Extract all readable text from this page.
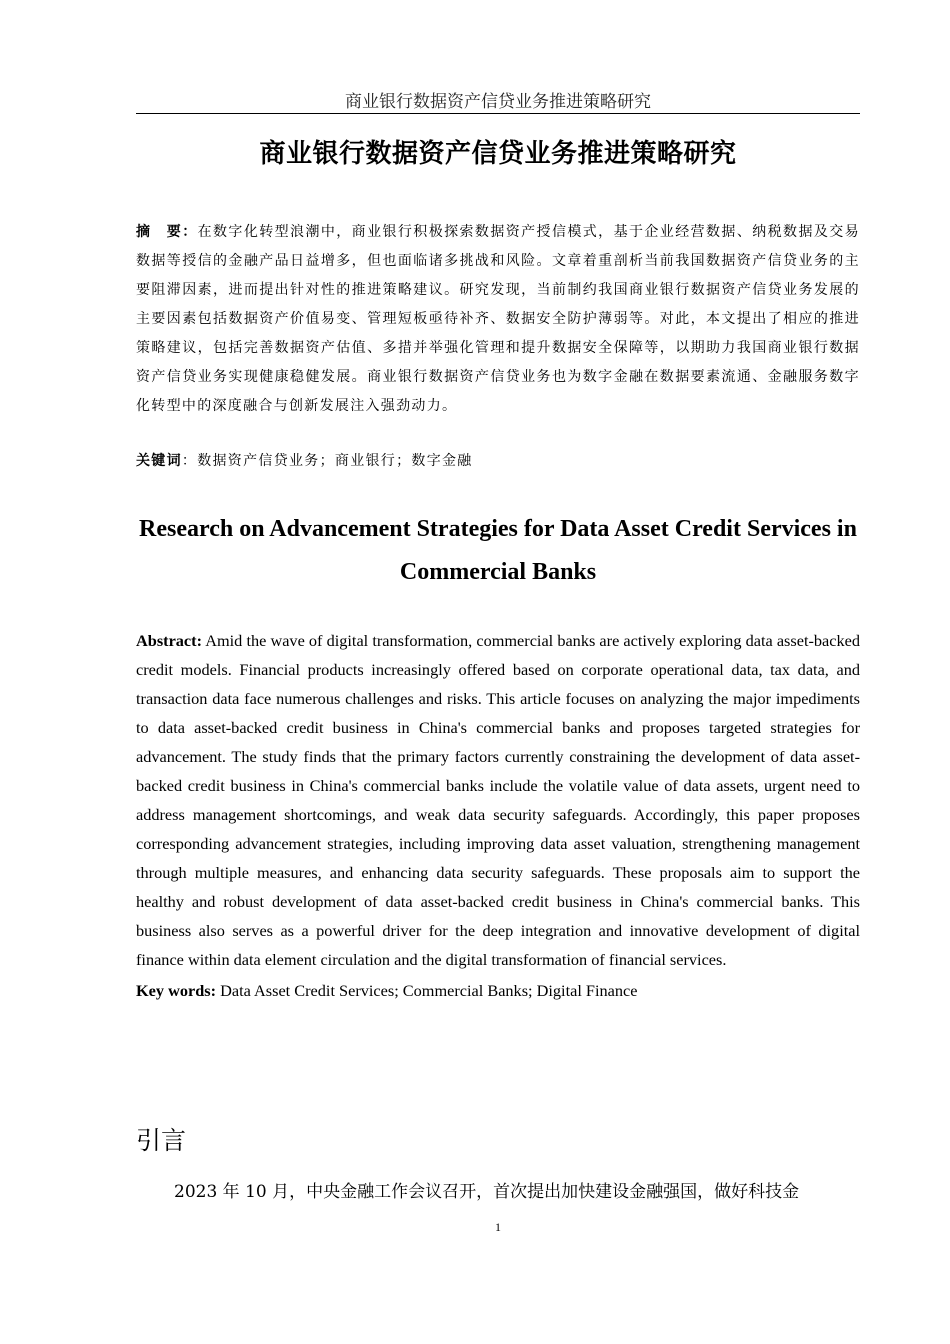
商业银行数据资产信贷业务推进策略研究
商业银行数据资产信贷业务推进策略研究
摘　要：在数字化转型浪潮中，商业银行积极探索数据资产授信模式，基于企业经营数据、纳税数据及交易数据等授信的金融产品日益增多，但也面临诸多挑战和风险。文章着重剖析当前我国数据资产信贷业务的主要阻滞因素，进而提出针对性的推进策略建议。研究发现，当前制约我国商业银行数据资产信贷业务发展的主要因素包括数据资产价值易变、管理短板亟待补齐、数据安全防护薄弱等。对此，本文提出了相应的推进策略建议，包括完善数据资产估值、多措并举强化管理和提升数据安全保障等，以期助力我国商业银行数据资产信贷业务实现健康稳健发展。商业银行数据资产信贷业务也为数字金融在数据要素流通、金融服务数字化转型中的深度融合与创新发展注入强劲动力。
关键词：数据资产信贷业务；商业银行；数字金融
Research on Advancement Strategies for Data Asset Credit Services in Commercial Banks
Abstract: Amid the wave of digital transformation, commercial banks are actively exploring data asset-backed credit models. Financial products increasingly offered based on corporate operational data, tax data, and transaction data face numerous challenges and risks. This article focuses on analyzing the major impediments to data asset-backed credit business in China's commercial banks and proposes targeted strategies for advancement. The study finds that the primary factors currently constraining the development of data asset-backed credit business in China's commercial banks include the volatile value of data assets, urgent need to address management shortcomings, and weak data security safeguards. Accordingly, this paper proposes corresponding advancement strategies, including improving data asset valuation, strengthening management through multiple measures, and enhancing data security safeguards. These proposals aim to support the healthy and robust development of data asset-backed credit business in China's commercial banks. This business also serves as a powerful driver for the deep integration and innovative development of digital finance within data element circulation and the digital transformation of financial services.
Key words: Data Asset Credit Services; Commercial Banks; Digital Finance
引言
2023 年 10 月，中央金融工作会议召开，首次提出加快建设金融强国，做好科技金
1
